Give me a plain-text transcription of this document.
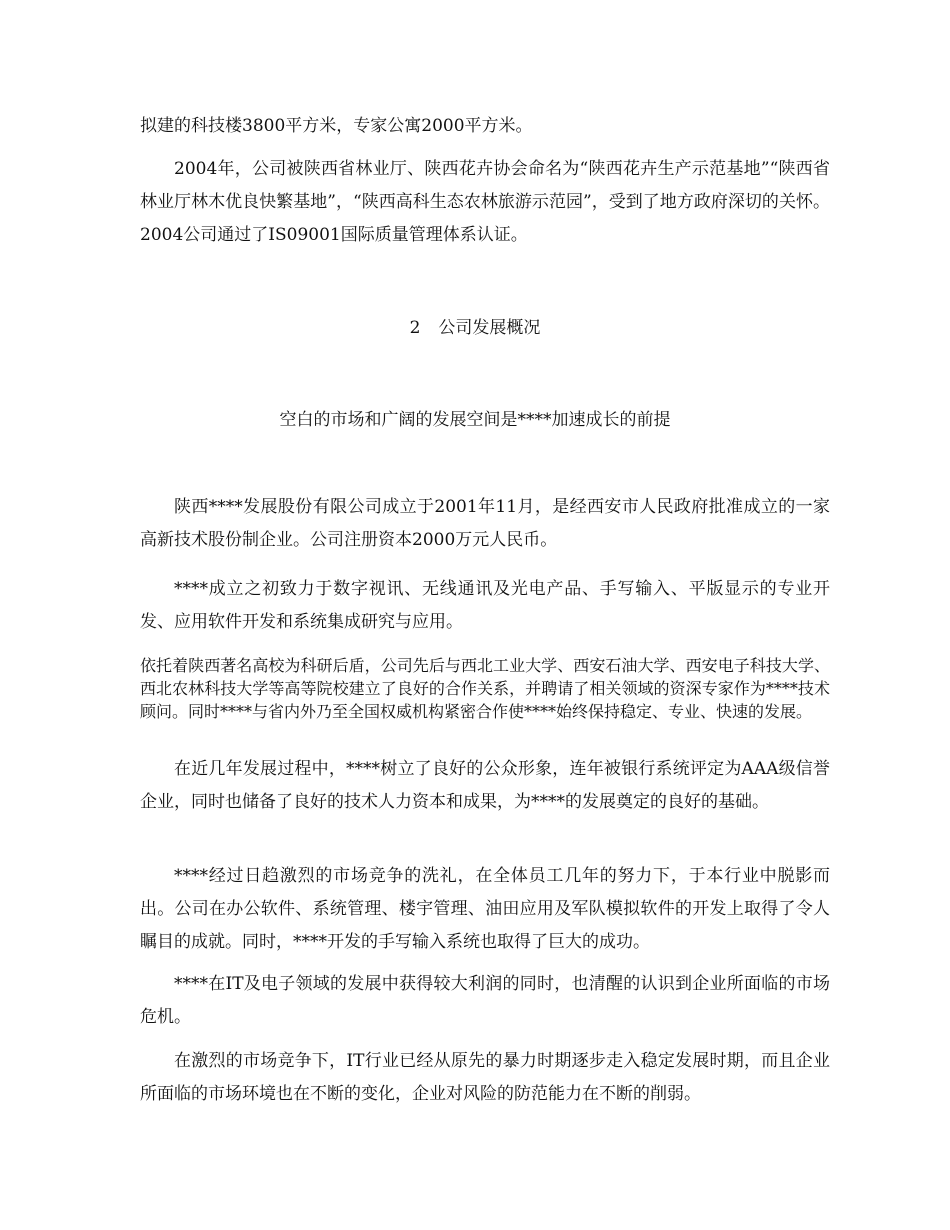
拟建的科技楼3800平方米，专家公寓2000平方米。

2004年，公司被陕西省林业厅、陕西花卉协会命名为“陕西花卉生产示范基地”“陕西省林业厅林木优良快繁基地”，“陕西高科生态农林旅游示范园”，受到了地方政府深切的关怀。2004公司通过了IS09001国际质量管理体系认证。

2 公司发展概况
空白的市场和广阔的发展空间是****加速成长的前提

陕西****发展股份有限公司成立于2001年11月，是经西安市人民政府批准成立的一家高新技术股份制企业。公司注册资本2000万元人民币。

****成立之初致力于数字视讯、无线通讯及光电产品、手写输入、平版显示的专业开发、应用软件开发和系统集成研究与应用。

依托着陕西著名高校为科研后盾，公司先后与西北工业大学、西安石油大学、西安电子科技大学、西北农林科技大学等高等院校建立了良好的合作关系，并聘请了相关领域的资深专家作为****技术顾问。同时****与省内外乃至全国权威机构紧密合作使****始终保持稳定、专业、快速的发展。

在近几年发展过程中，****树立了良好的公众形象，连年被银行系统评定为AAA级信誉企业，同时也储备了良好的技术人力资本和成果，为****的发展奠定的良好的基础。

****经过日趋激烈的市场竞争的洗礼，在全体员工几年的努力下，于本行业中脱影而出。公司在办公软件、系统管理、楼宇管理、油田应用及军队模拟软件的开发上取得了令人瞩目的成就。同时，****开发的手写输入系统也取得了巨大的成功。

****在IT及电子领域的发展中获得较大利润的同时，也清醒的认识到企业所面临的市场危机。

在激烈的市场竞争下，IT行业已经从原先的暴力时期逐步走入稳定发展时期，而且企业所面临的市场环境也在不断的变化，企业对风险的防范能力在不断的削弱。
